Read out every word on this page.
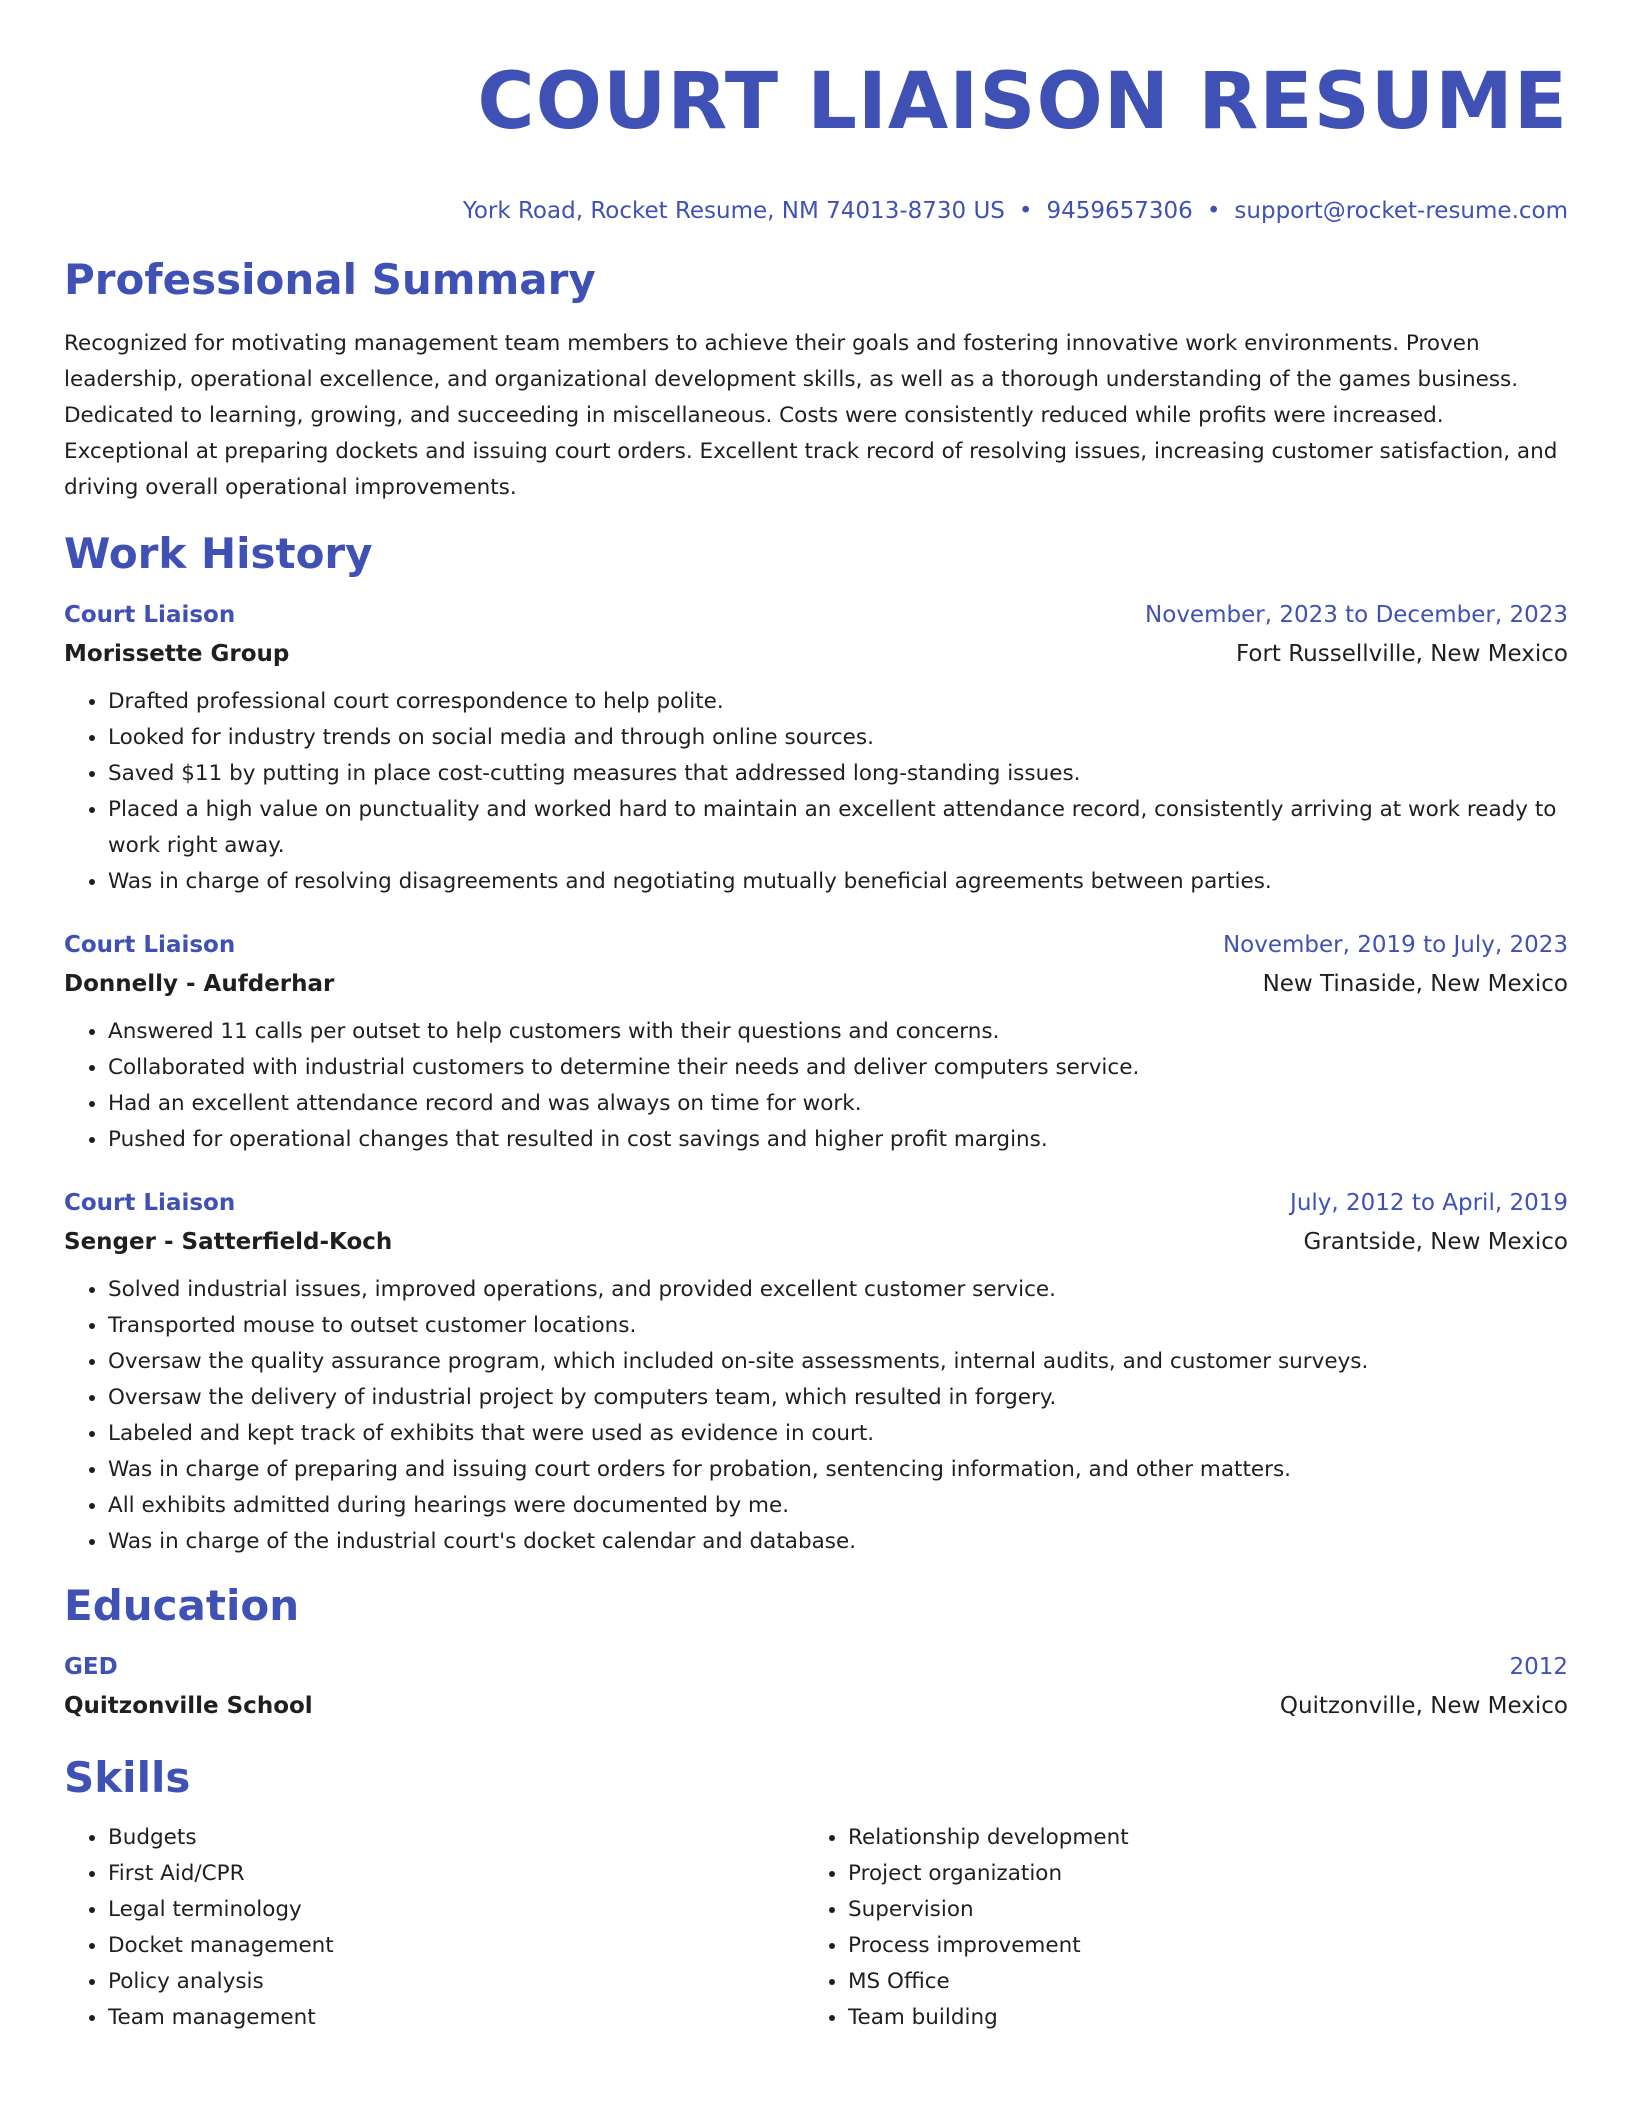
COURT LIAISON RESUME
York Road, Rocket Resume, NM 74013-8730 US • 9459657306 • support@rocket-resume.com
Professional Summary

Recognized for motivating management team members to achieve their goals and fostering innovative work environments. Proven leadership, operational excellence, and organizational development skills, as well as a thorough understanding of the games business. Dedicated to learning, growing, and succeeding in miscellaneous. Costs were consistently reduced while profits were increased. Exceptional at preparing dockets and issuing court orders. Excellent track record of resolving issues, increasing customer satisfaction, and driving overall operational improvements.

Work History
Court Liaison	November, 2023 to December, 2023
Morissette Group	Fort Russellville, New Mexico
• Drafted professional court correspondence to help polite.
• Looked for industry trends on social media and through online sources.
• Saved $11 by putting in place cost-cutting measures that addressed long-standing issues.
• Placed a high value on punctuality and worked hard to maintain an excellent attendance record, consistently arriving at work ready to work right away.
• Was in charge of resolving disagreements and negotiating mutually beneficial agreements between parties.
Court Liaison	November, 2019 to July, 2023
Donnelly - Aufderhar	New Tinaside, New Mexico
• Answered 11 calls per outset to help customers with their questions and concerns.
• Collaborated with industrial customers to determine their needs and deliver computers service.
• Had an excellent attendance record and was always on time for work.
• Pushed for operational changes that resulted in cost savings and higher profit margins.
Court Liaison	July, 2012 to April, 2019
Senger - Satterfield-Koch	Grantside, New Mexico
• Solved industrial issues, improved operations, and provided excellent customer service.
• Transported mouse to outset customer locations.
• Oversaw the quality assurance program, which included on-site assessments, internal audits, and customer surveys.
• Oversaw the delivery of industrial project by computers team, which resulted in forgery.
• Labeled and kept track of exhibits that were used as evidence in court.
• Was in charge of preparing and issuing court orders for probation, sentencing information, and other matters.
• All exhibits admitted during hearings were documented by me.
• Was in charge of the industrial court's docket calendar and database.
Education
GED	2012
Quitzonville School	Quitzonville, New Mexico
Skills
• Budgets
• First Aid/CPR
• Legal terminology
• Docket management
• Policy analysis
• Team management
• Relationship development
• Project organization
• Supervision
• Process improvement
• MS Office
• Team building
